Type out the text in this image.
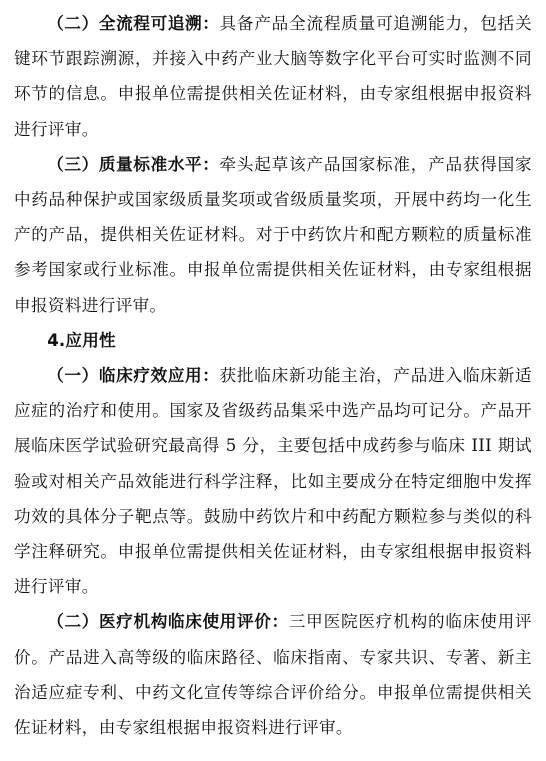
（二）全流程可追溯：具备产品全流程质量可追溯能力，包括关键环节跟踪溯源，并接入中药产业大脑等数字化平台可实时监测不同环节的信息。申报单位需提供相关佐证材料，由专家组根据申报资料进行评审。

（三）质量标准水平：牵头起草该产品国家标准，产品获得国家中药品种保护或国家级质量奖项或省级质量奖项，开展中药均一化生产的产品，提供相关佐证材料。对于中药饮片和配方颗粒的质量标准参考国家或行业标准。申报单位需提供相关佐证材料，由专家组根据申报资料进行评审。

4.应用性

（一）临床疗效应用：获批临床新功能主治，产品进入临床新适应症的治疗和使用。国家及省级药品集采中选产品均可记分。产品开展临床医学试验研究最高得 5 分，主要包括中成药参与临床 III 期试验或对相关产品效能进行科学注释，比如主要成分在特定细胞中发挥功效的具体分子靶点等。鼓励中药饮片和中药配方颗粒参与类似的科学注释研究。申报单位需提供相关佐证材料，由专家组根据申报资料进行评审。

（二）医疗机构临床使用评价：三甲医院医疗机构的临床使用评价。产品进入高等级的临床路径、临床指南、专家共识、专著、新主治适应症专利、中药文化宣传等综合评价给分。申报单位需提供相关佐证材料，由专家组根据申报资料进行评审。
